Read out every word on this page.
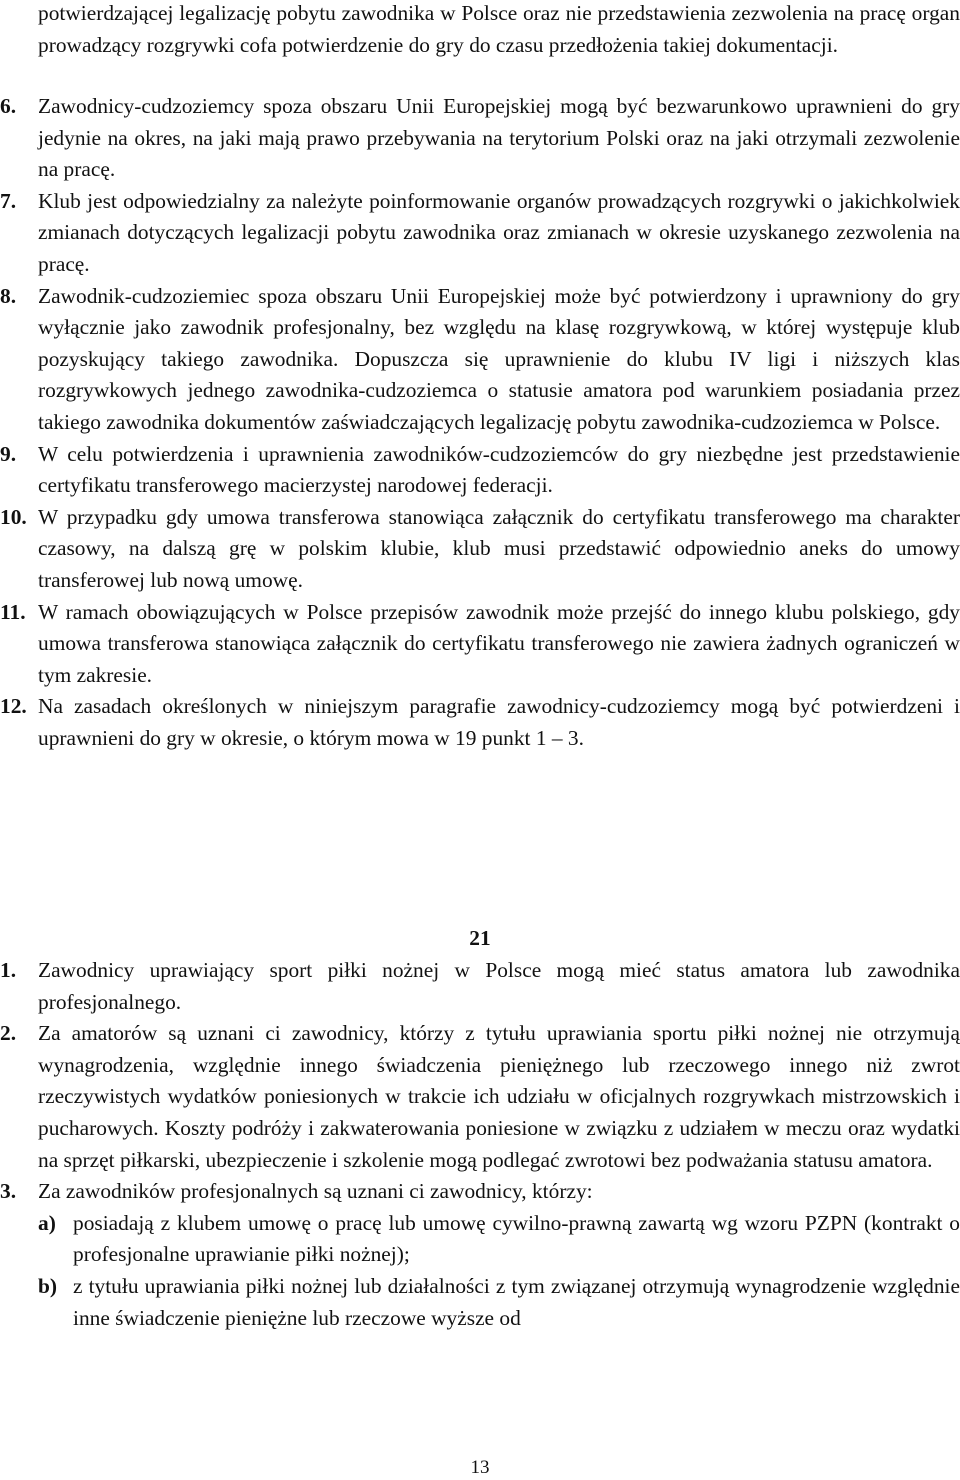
potwierdzającej legalizację pobytu zawodnika w Polsce oraz nie przedstawienia zezwolenia na pracę organ prowadzący rozgrywki cofa potwierdzenie do gry do czasu przedłożenia takiej dokumentacji.
6. Zawodnicy-cudzoziemcy spoza obszaru Unii Europejskiej mogą być bezwarunkowo uprawnieni do gry jedynie na okres, na jaki mają prawo przebywania na terytorium Polski oraz na jaki otrzymali zezwolenie na pracę.
7. Klub jest odpowiedzialny za należyte poinformowanie organów prowadzących rozgrywki o jakichkolwiek zmianach dotyczących legalizacji pobytu zawodnika oraz zmianach w okresie uzyskanego zezwolenia na pracę.
8. Zawodnik-cudzoziemiec spoza obszaru Unii Europejskiej może być potwierdzony i uprawniony do gry wyłącznie jako zawodnik profesjonalny, bez względu na klasę rozgrywkową, w której występuje klub pozyskujący takiego zawodnika. Dopuszcza się uprawnienie do klubu IV ligi i niższych klas rozgrywkowych jednego zawodnika-cudzoziemca o statusie amatora pod warunkiem posiadania przez takiego zawodnika dokumentów zaświadczających legalizację pobytu zawodnika-cudzoziemca w Polsce.
9. W celu potwierdzenia i uprawnienia zawodników-cudzoziemców do gry niezbędne jest przedstawienie certyfikatu transferowego macierzystej narodowej federacji.
10. W przypadku gdy umowa transferowa stanowiąca załącznik do certyfikatu transferowego ma charakter czasowy, na dalszą grę w polskim klubie, klub musi przedstawić odpowiednio aneks do umowy transferowej lub nową umowę.
11. W ramach obowiązujących w Polsce przepisów zawodnik może przejść do innego klubu polskiego, gdy umowa transferowa stanowiąca załącznik do certyfikatu transferowego nie zawiera żadnych ograniczeń w tym zakresie.
12. Na zasadach określonych w niniejszym paragrafie zawodnicy-cudzoziemcy mogą być potwierdzeni i uprawnieni do gry w okresie, o którym mowa w 19 punkt 1 – 3.
21
1. Zawodnicy uprawiający sport piłki nożnej w Polsce mogą mieć status amatora lub zawodnika profesjonalnego.
2. Za amatorów są uznani ci zawodnicy, którzy z tytułu uprawiania sportu piłki nożnej nie otrzymują wynagrodzenia, względnie innego świadczenia pieniężnego lub rzeczowego innego niż zwrot rzeczywistych wydatków poniesionych w trakcie ich udziału w oficjalnych rozgrywkach mistrzowskich i pucharowych. Koszty podróży i zakwaterowania poniesione w związku z udziałem w meczu oraz wydatki na sprzęt piłkarski, ubezpieczenie i szkolenie mogą podlegać zwrotowi bez podważania statusu amatora.
3. Za zawodników profesjonalnych są uznani ci zawodnicy, którzy:
a) posiadają z klubem umowę o pracę lub umowę cywilno-prawną zawartą wg wzoru PZPN (kontrakt o profesjonalne uprawianie piłki nożnej);
b) z tytułu uprawiania piłki nożnej lub działalności z tym związanej otrzymują wynagrodzenie względnie inne świadczenie pieniężne lub rzeczowe wyższe od
13
